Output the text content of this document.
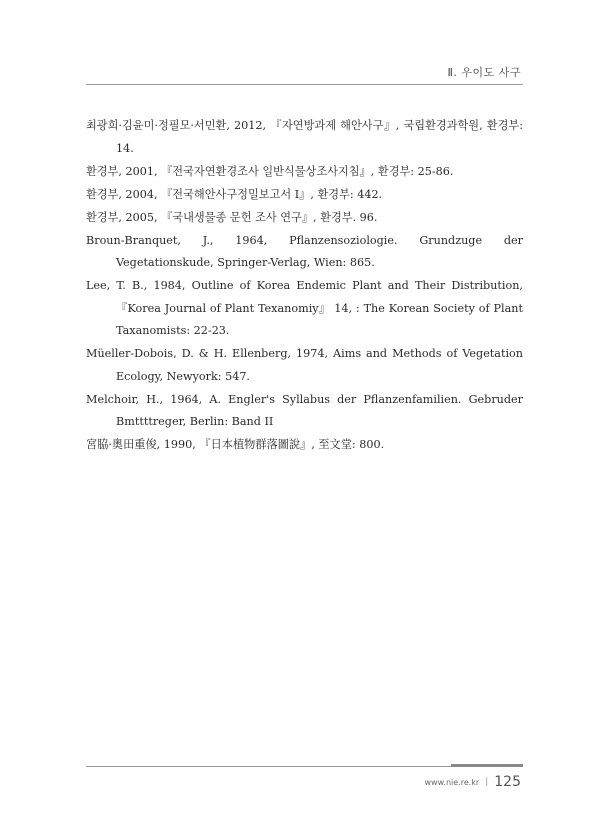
Ⅱ. 우이도 사구
최광희·김윤미·정필모·서민환, 2012, 『자연방과제 해안사구』, 국립환경과학원, 환경부: 14.
환경부, 2001, 『전국자연환경조사 일반식물상조사지침』, 환경부: 25-86.
환경부, 2004, 『전국해안사구정밀보고서 I』, 환경부: 442.
환경부, 2005, 『국내생물종 문헌 조사 연구』, 환경부. 96.
Broun-Branquet, J., 1964, Pflanzensoziologie. Grundzuge der Vegetationskude, Springer-Verlag, Wien: 865.
Lee, T. B., 1984, Outline of Korea Endemic Plant and Their Distribution, 『Korea Journal of Plant Texanomiy』 14, : The Korean Society of Plant Taxanomists: 22-23.
Müeller-Dobois, D. & H. Ellenberg, 1974, Aims and Methods of Vegetation Ecology, Newyork: 547.
Melchoir, H., 1964, A. Engler's Syllabus der Pflanzenfamilien. Gebruder Bmttttreger, Berlin: Band II
宮脇·奧田重俊, 1990, 『日本植物群落圖說』, 至文堂: 800.
www.nie.re.kr | 125
